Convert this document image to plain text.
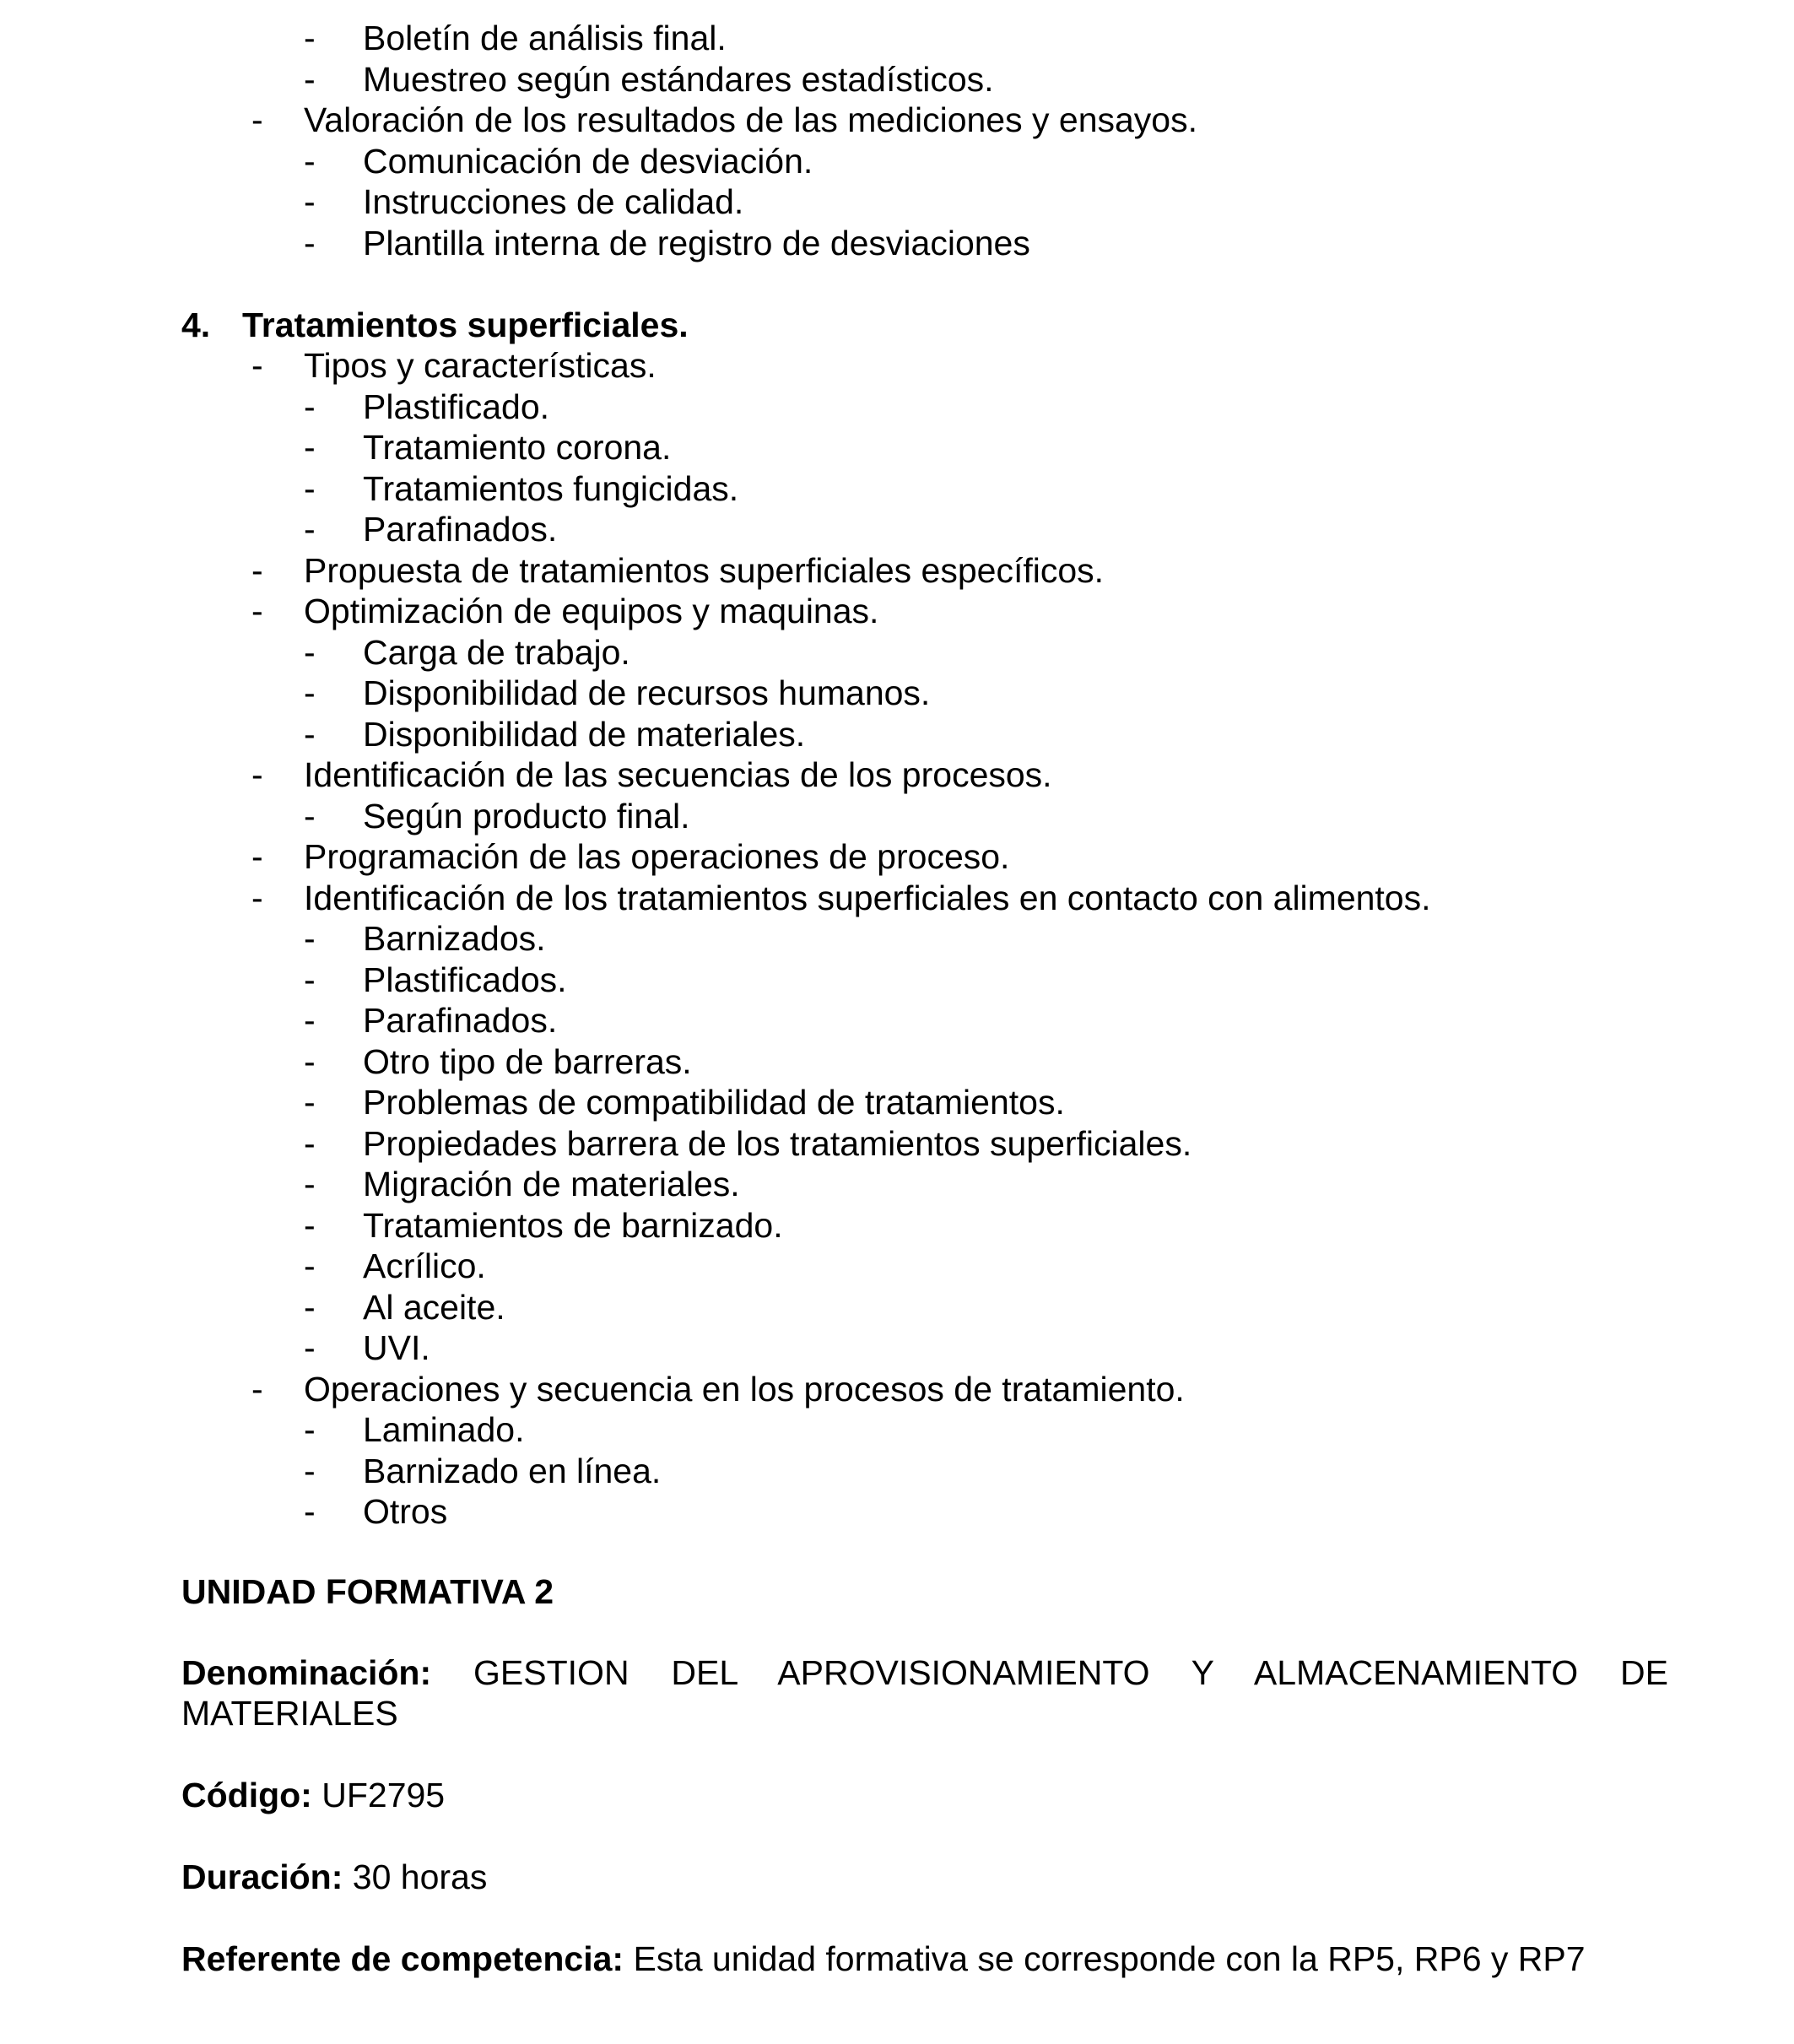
- Boletín de análisis final.
- Muestreo según estándares estadísticos.
- Valoración de los resultados de las mediciones y ensayos.
- Comunicación de desviación.
- Instrucciones de calidad.
- Plantilla interna de registro de desviaciones
4. Tratamientos superficiales.
- Tipos y características.
- Plastificado.
- Tratamiento corona.
- Tratamientos fungicidas.
- Parafinados.
- Propuesta de tratamientos superficiales específicos.
- Optimización de equipos y maquinas.
- Carga de trabajo.
- Disponibilidad de recursos humanos.
- Disponibilidad de materiales.
- Identificación de las secuencias de los procesos.
- Según producto final.
- Programación de las operaciones de proceso.
- Identificación de los tratamientos superficiales en contacto con alimentos.
- Barnizados.
- Plastificados.
- Parafinados.
- Otro tipo de barreras.
- Problemas de compatibilidad de tratamientos.
- Propiedades barrera de los tratamientos superficiales.
- Migración de materiales.
- Tratamientos de barnizado.
- Acrílico.
- Al aceite.
- UVI.
- Operaciones y secuencia en los procesos de tratamiento.
- Laminado.
- Barnizado en línea.
- Otros
UNIDAD FORMATIVA 2
Denominación: GESTION DEL APROVISIONAMIENTO Y ALMACENAMIENTO DE MATERIALES
Código: UF2795
Duración: 30 horas
Referente de competencia: Esta unidad formativa se corresponde con la RP5, RP6 y RP7
